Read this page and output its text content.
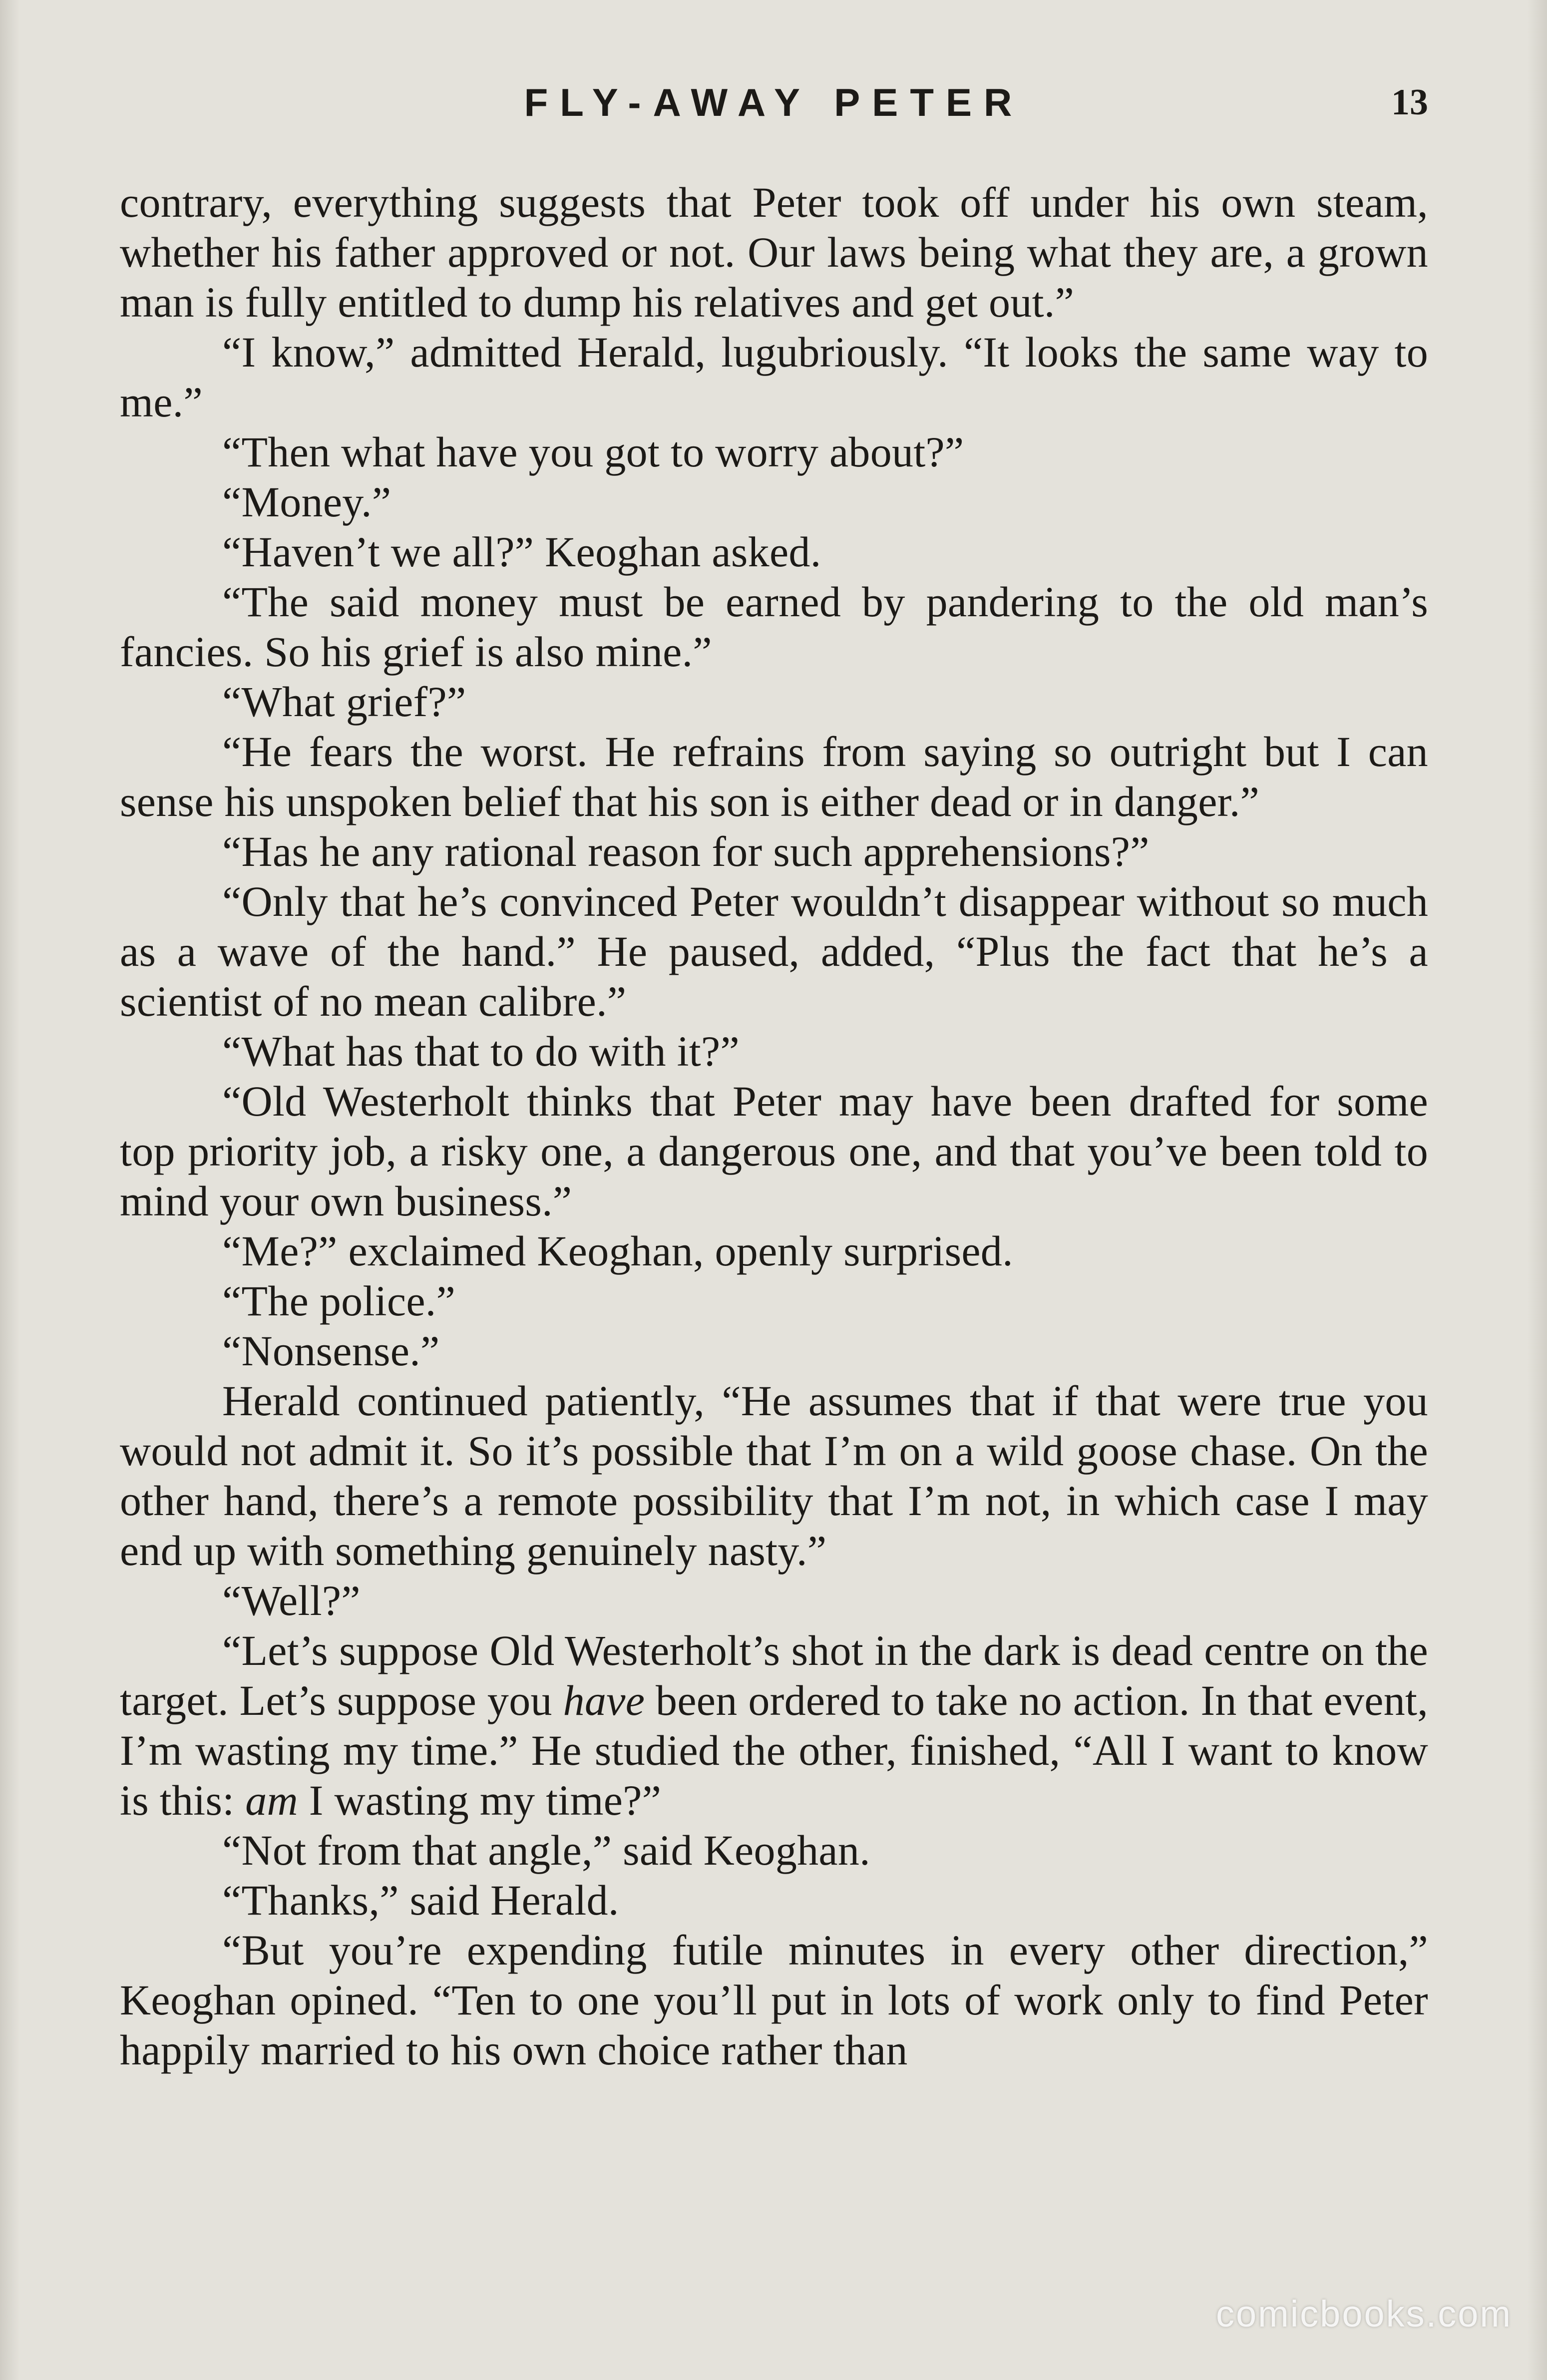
FLY-AWAY PETER	13

contrary, everything suggests that Peter took off under his own steam, whether his father approved or not. Our laws being what they are, a grown man is fully entitled to dump his relatives and get out.”

“I know,” admitted Herald, lugubriously. “It looks the same way to me.”

“Then what have you got to worry about?”

“Money.”

“Haven’t we all?” Keoghan asked.

“The said money must be earned by pandering to the old man’s fancies. So his grief is also mine.”

“What grief?”

“He fears the worst. He refrains from saying so outright but I can sense his unspoken belief that his son is either dead or in danger.”

“Has he any rational reason for such apprehensions?”

“Only that he’s convinced Peter wouldn’t disappear without so much as a wave of the hand.” He paused, added, “Plus the fact that he’s a scientist of no mean calibre.”

“What has that to do with it?”

“Old Westerholt thinks that Peter may have been drafted for some top priority job, a risky one, a dangerous one, and that you’ve been told to mind your own business.”

“Me?” exclaimed Keoghan, openly surprised.

“The police.”

“Nonsense.”

Herald continued patiently, “He assumes that if that were true you would not admit it. So it’s possible that I’m on a wild goose chase. On the other hand, there’s a remote possibility that I’m not, in which case I may end up with something genuinely nasty.”

“Well?”

“Let’s suppose Old Westerholt’s shot in the dark is dead centre on the target. Let’s suppose you have been ordered to take no action. In that event, I’m wasting my time.” He studied the other, finished, “All I want to know is this: am I wasting my time?”

“Not from that angle,” said Keoghan.

“Thanks,” said Herald.

“But you’re expending futile minutes in every other direction,” Keoghan opined. “Ten to one you’ll put in lots of work only to find Peter happily married to his own choice rather than

comicbooks.com
